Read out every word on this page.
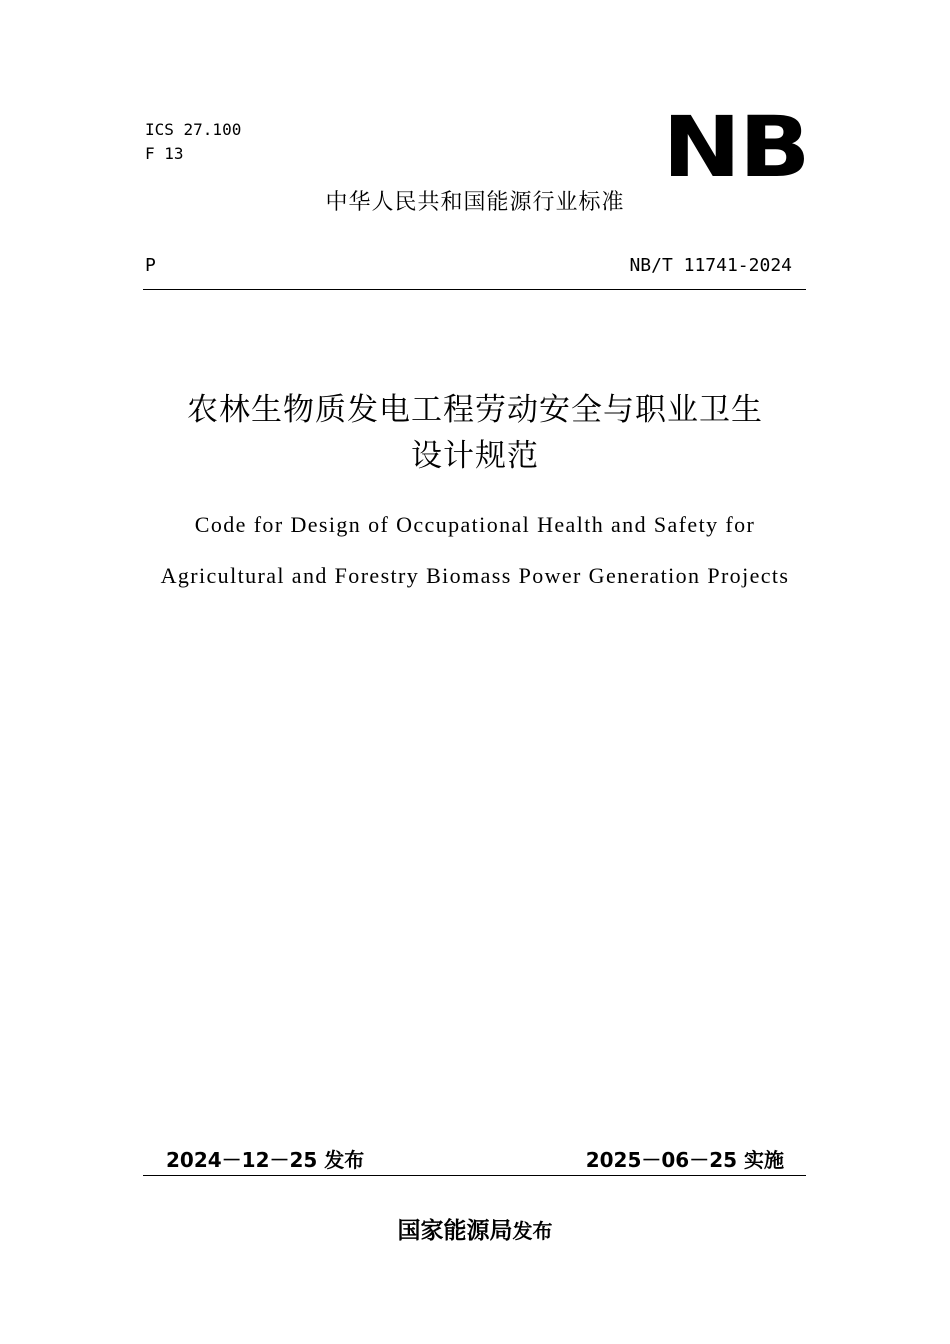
ICS 27.100
F 13	NB
中华人民共和国能源行业标准
P	NB/T 11741-2024
农林生物质发电工程劳动安全与职业卫生
设计规范
Code for Design of Occupational Health and Safety for
Agricultural and Forestry Biomass Power Generation Projects
2024－12－25 发布	2025－06－25 实施
国家能源局发布
